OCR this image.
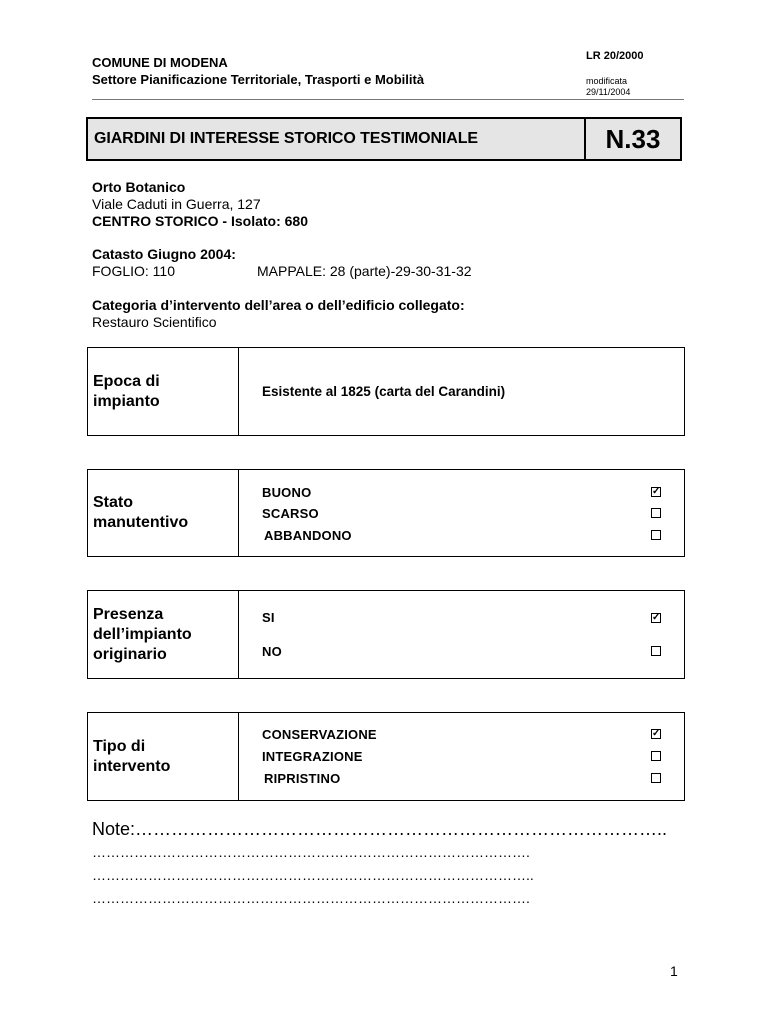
COMUNE DI MODENA
Settore Pianificazione Territoriale, Trasporti e Mobilità
LR 20/2000
modificata
29/11/2004
GIARDINI DI INTERESSE STORICO TESTIMONIALE	N.33
Orto Botanico
Viale Caduti in Guerra, 127
CENTRO STORICO - Isolato: 680
Catasto Giugno 2004:
FOGLIO: 110	MAPPALE: 28 (parte)-29-30-31-32
Categoria d’intervento dell’area o dell’edificio collegato:
Restauro Scientifico
Epoca di
impianto
Esistente al 1825 (carta del Carandini)
Stato
manutentivo
BUONO
✓
SCARSO
ABBANDONO
Presenza
dell’impianto
originario
SI
✓
NO
Tipo di
intervento
CONSERVAZIONE
✓
INTEGRAZIONE
RIPRISTINO
Note:……………………………………………………………………………..
………………………………………………………………………………….
…………………………………………………………………………………..
………………………………………………………………………………….
1
